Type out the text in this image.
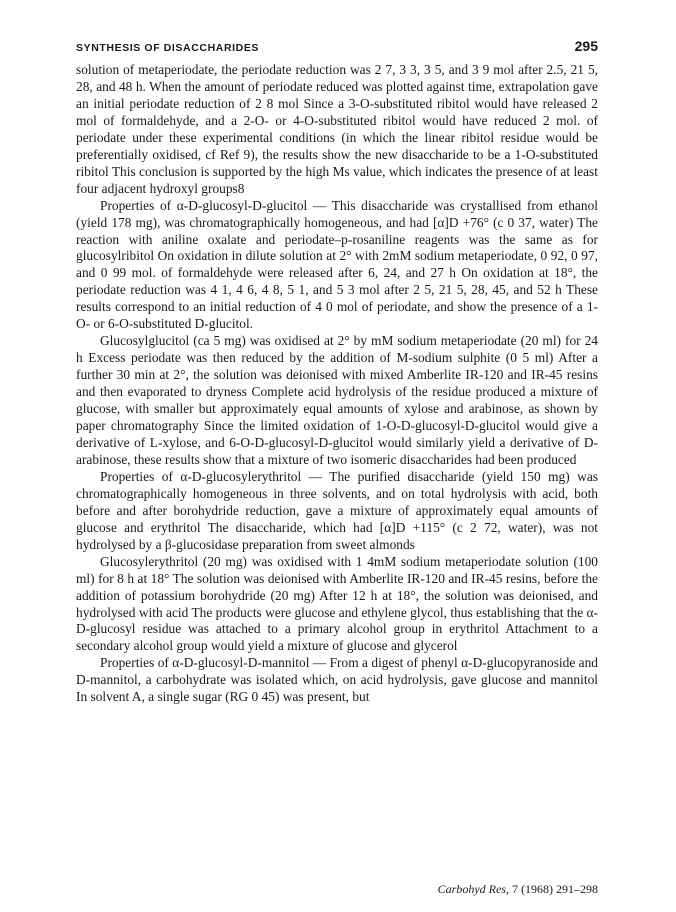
SYNTHESIS OF DISACCHARIDES	295

solution of metaperiodate, the periodate reduction was 2 7, 3 3, 3 5, and 3 9 mol after 2.5, 21 5, 28, and 48 h. When the amount of periodate reduced was plotted against time, extrapolation gave an initial periodate reduction of 2 8 mol Since a 3-O-substituted ribitol would have released 2 mol of formaldehyde, and a 2-O- or 4-O-substituted ribitol would have reduced 2 mol. of periodate under these experimental conditions (in which the linear ribitol residue would be preferentially oxidised, cf Ref 9), the results show the new disaccharide to be a 1-O-substituted ribitol This conclusion is supported by the high Ms value, which indicates the presence of at least four adjacent hydroxyl groups8

Properties of α-D-glucosyl-D-glucitol — This disaccharide was crystallised from ethanol (yield 178 mg), was chromatographically homogeneous, and had [α]D +76° (c 0 37, water) The reaction with aniline oxalate and periodate–p-rosaniline reagents was the same as for glucosylribitol On oxidation in dilute solution at 2° with 2mM sodium metaperiodate, 0 92, 0 97, and 0 99 mol. of formaldehyde were released after 6, 24, and 27 h On oxidation at 18°, the periodate reduction was 4 1, 4 6, 4 8, 5 1, and 5 3 mol after 2 5, 21 5, 28, 45, and 52 h These results correspond to an initial reduction of 4 0 mol of periodate, and show the presence of a 1-O- or 6-O-substituted D-glucitol.

Glucosylglucitol (ca 5 mg) was oxidised at 2° by mM sodium metaperiodate (20 ml) for 24 h Excess periodate was then reduced by the addition of M-sodium sulphite (0 5 ml) After a further 30 min at 2°, the solution was deionised with mixed Amberlite IR-120 and IR-45 resins and then evaporated to dryness Complete acid hydrolysis of the residue produced a mixture of glucose, with smaller but approximately equal amounts of xylose and arabinose, as shown by paper chromatography Since the limited oxidation of 1-O-D-glucosyl-D-glucitol would give a derivative of L-xylose, and 6-O-D-glucosyl-D-glucitol would similarly yield a derivative of D-arabinose, these results show that a mixture of two isomeric disaccharides had been produced

Properties of α-D-glucosylerythritol — The purified disaccharide (yield 150 mg) was chromatographically homogeneous in three solvents, and on total hydrolysis with acid, both before and after borohydride reduction, gave a mixture of approximately equal amounts of glucose and erythritol The disaccharide, which had [α]D +115° (c 2 72, water), was not hydrolysed by a β-glucosidase preparation from sweet almonds

Glucosylerythritol (20 mg) was oxidised with 1 4mM sodium metaperiodate solution (100 ml) for 8 h at 18° The solution was deionised with Amberlite IR-120 and IR-45 resins, before the addition of potassium borohydride (20 mg) After 12 h at 18°, the solution was deionised, and hydrolysed with acid The products were glucose and ethylene glycol, thus establishing that the α-D-glucosyl residue was attached to a primary alcohol group in erythritol Attachment to a secondary alcohol group would yield a mixture of glucose and glycerol

Properties of α-D-glucosyl-D-mannitol — From a digest of phenyl α-D-glucopyranoside and D-mannitol, a carbohydrate was isolated which, on acid hydrolysis, gave glucose and mannitol In solvent A, a single sugar (RG 0 45) was present, but

Carbohyd Res, 7 (1968) 291–298
